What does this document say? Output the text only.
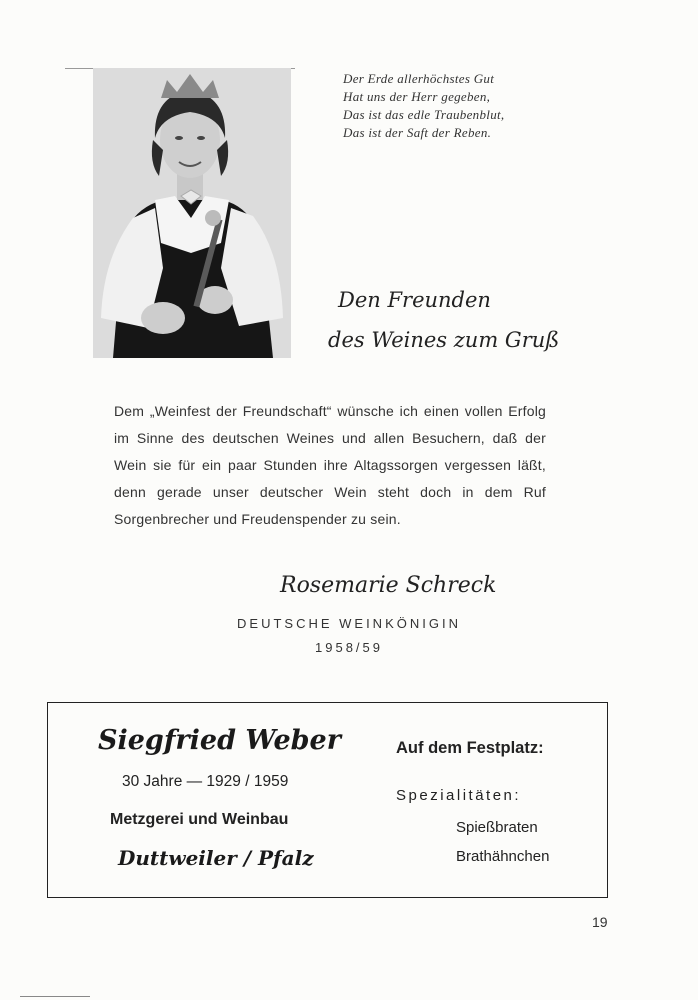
Der Erde allerhöchstes Gut
Hat uns der Herr gegeben,
Das ist das edle Traubenblut,
Das ist der Saft der Reben.
Den Freunden
des Weines zum Gruß
Dem „Weinfest der Freundschaft“ wünsche ich einen vollen Erfolg im Sinne des deutschen Weines und allen Besuchern, daß der Wein sie für ein paar Stunden ihre Altagssorgen vergessen läßt, denn gerade unser deutscher Wein steht doch in dem Ruf Sorgenbrecher und Freudenspender zu sein.
Rosemarie Schreck
DEUTSCHE WEINKÖNIGIN
1958/59
Siegfried Weber
30 Jahre — 1929 / 1959
Metzgerei und Weinbau
Duttweiler / Pfalz
Auf dem Festplatz:
Spezialitäten:
Spießbraten
Brathähnchen
19
